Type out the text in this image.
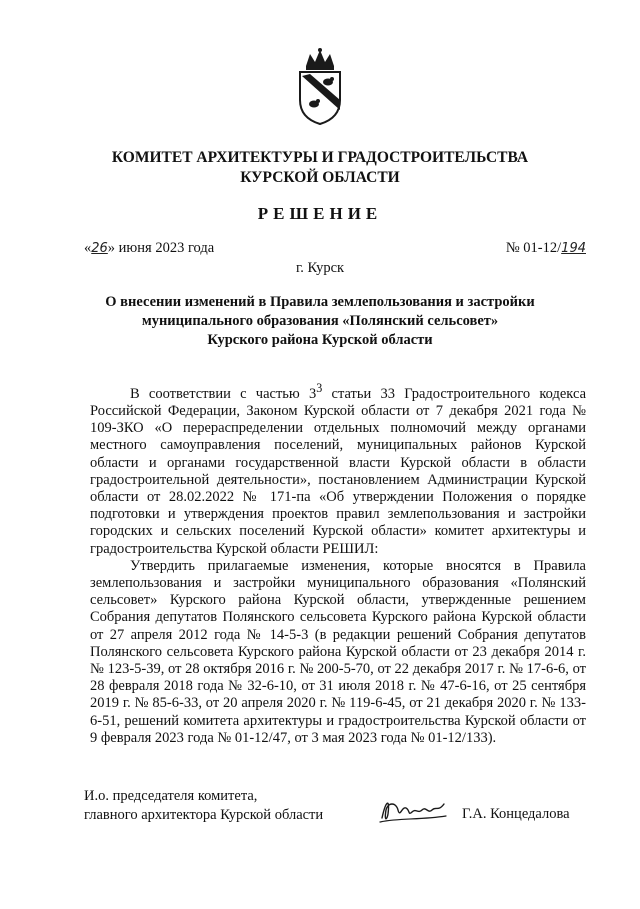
КОМИТЕТ АРХИТЕКТУРЫ И ГРАДОСТРОИТЕЛЬСТВА
КУРСКОЙ ОБЛАСТИ
РЕШЕНИЕ
«26» июня 2023 года	№ 01-12/194
г. Курск
О внесении изменений в Правила землепользования и застройки
муниципального образования «Полянский сельсовет»
Курского района Курской области

В соответствии с частью $3^3$ статьи 33 Градостроительного кодекса Российской Федерации, Законом Курской области от 7 декабря 2021 года № 109-ЗКО «О перераспределении отдельных полномочий между органами местного самоуправления поселений, муниципальных районов Курской области и органами государственной власти Курской области в области градостроительной деятельности», постановлением Администрации Курской области от 28.02.2022 № 171-па «Об утверждении Положения о порядке подготовки и утверждения проектов правил землепользования и застройки городских и сельских поселений Курской области» комитет архитектуры и градостроительства Курской области РЕШИЛ:

Утвердить прилагаемые изменения, которые вносятся в Правила землепользования и застройки муниципального образования «Полянский сельсовет» Курского района Курской области, утвержденные решением Собрания депутатов Полянского сельсовета Курского района Курской области от 27 апреля 2012 года № 14-5-3 (в редакции решений Собрания депутатов Полянского сельсовета Курского района Курской области от 23 декабря 2014 г. № 123-5-39, от 28 октября 2016 г. № 200-5-70, от 22 декабря 2017 г. № 17-6-6, от 28 февраля 2018 года № 32-6-10, от 31 июля 2018 г. № 47-6-16, от 25 сентября 2019 г. № 85-6-33, от 20 апреля 2020 г. № 119-6-45, от 21 декабря 2020 г. № 133-6-51, решений комитета архитектуры и градостроительства Курской области от 9 февраля 2023 года № 01-12/47, от 3 мая 2023 года № 01-12/133).

И.о. председателя комитета,
главного архитектора Курской области	Г.А. Концедалова
